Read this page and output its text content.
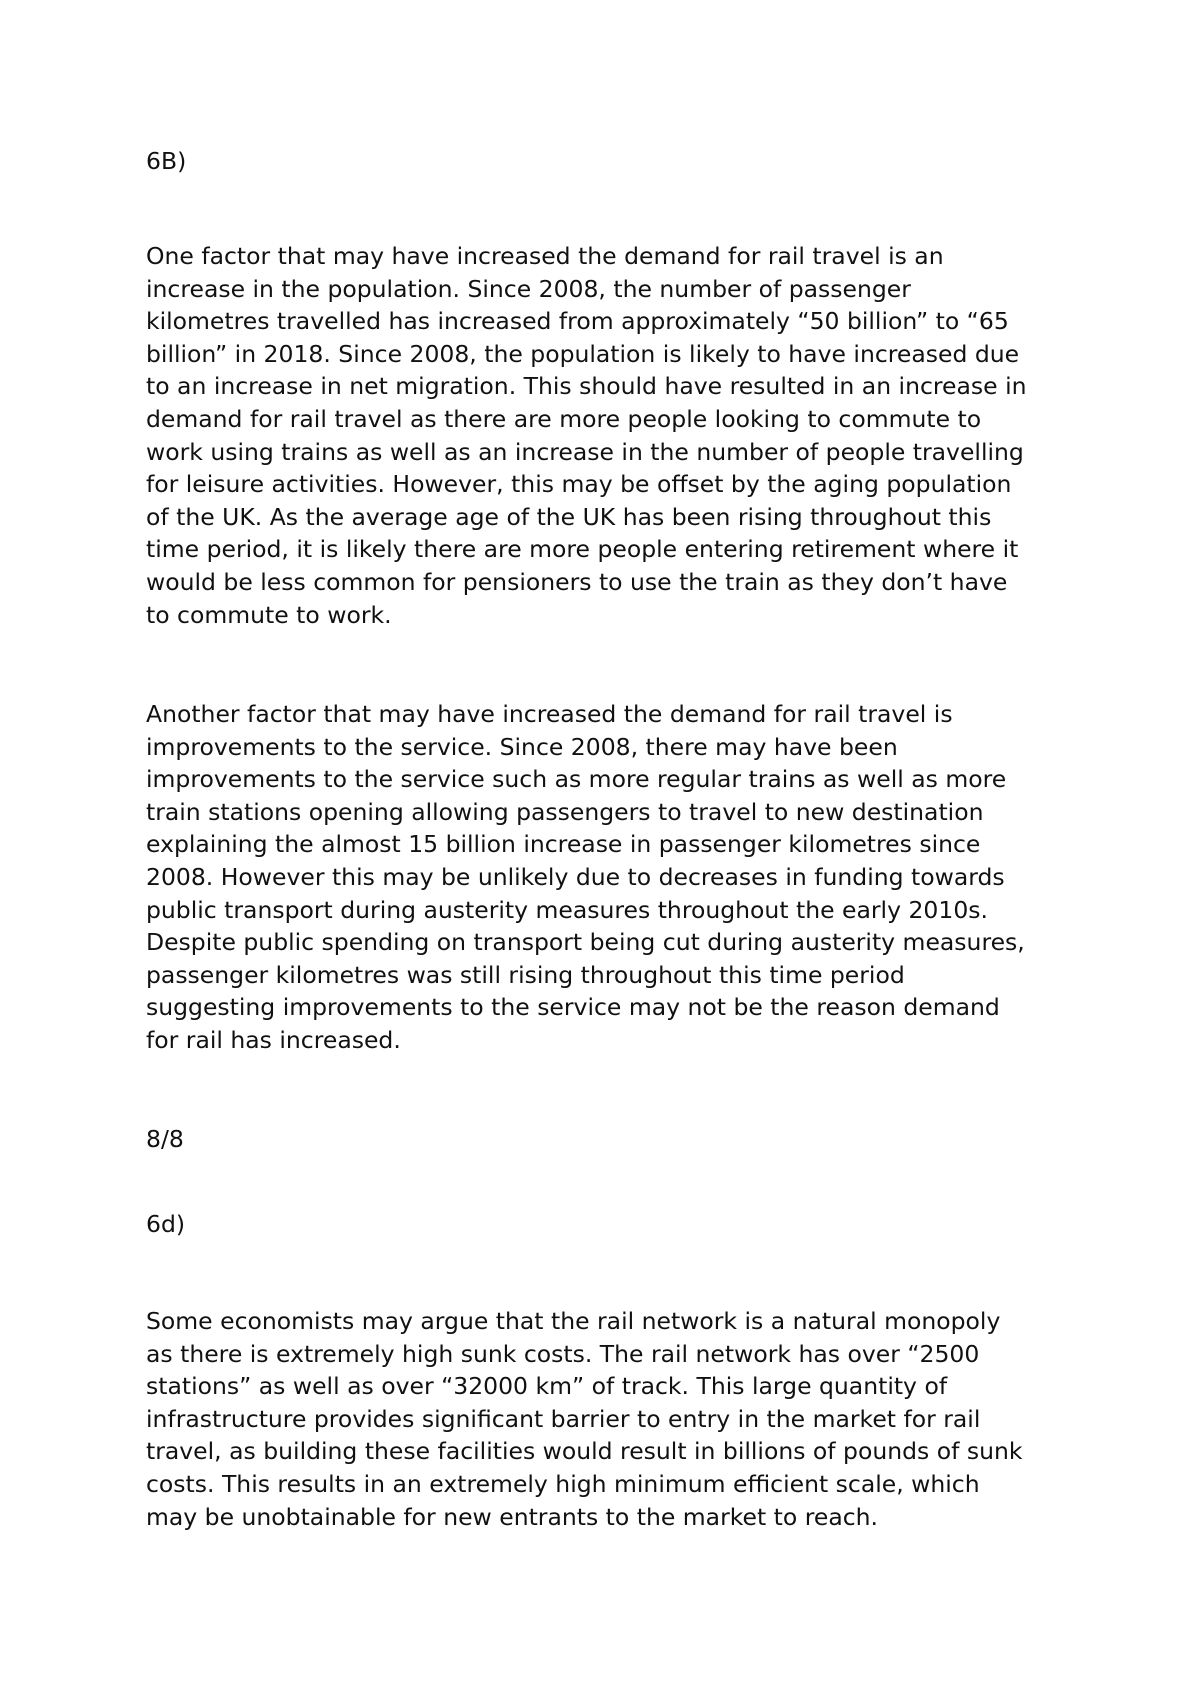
6B)

One factor that may have increased the demand for rail travel is an
increase in the population. Since 2008, the number of passenger
kilometres travelled has increased from approximately “50 billion” to “65
billion” in 2018. Since 2008, the population is likely to have increased due
to an increase in net migration. This should have resulted in an increase in
demand for rail travel as there are more people looking to commute to
work using trains as well as an increase in the number of people travelling
for leisure activities. However, this may be offset by the aging population
of the UK. As the average age of the UK has been rising throughout this
time period, it is likely there are more people entering retirement where it
would be less common for pensioners to use the train as they don’t have
to commute to work.

Another factor that may have increased the demand for rail travel is
improvements to the service. Since 2008, there may have been
improvements to the service such as more regular trains as well as more
train stations opening allowing passengers to travel to new destination
explaining the almost 15 billion increase in passenger kilometres since
2008. However this may be unlikely due to decreases in funding towards
public transport during austerity measures throughout the early 2010s.
Despite public spending on transport being cut during austerity measures,
passenger kilometres was still rising throughout this time period
suggesting improvements to the service may not be the reason demand
for rail has increased.

8/8

6d)

Some economists may argue that the rail network is a natural monopoly
as there is extremely high sunk costs. The rail network has over “2500
stations” as well as over “32000 km” of track. This large quantity of
infrastructure provides significant barrier to entry in the market for rail
travel, as building these facilities would result in billions of pounds of sunk
costs. This results in an extremely high minimum efficient scale, which
may be unobtainable for new entrants to the market to reach.
